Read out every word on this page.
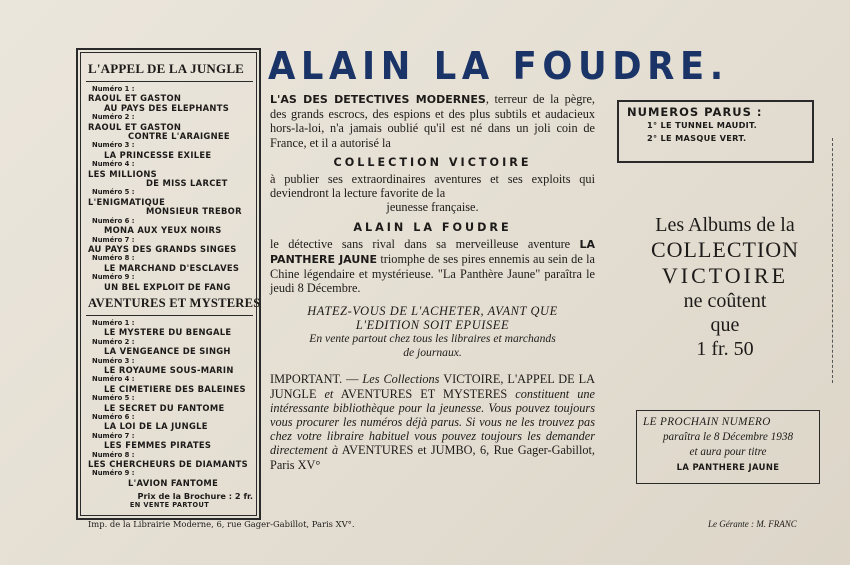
L'APPEL DE LA JUNGLE
Numéro 1 :
RAOUL ET GASTON
AU PAYS DES ELEPHANTS
Numéro 2 :
RAOUL ET GASTON
CONTRE L'ARAIGNEE
Numéro 3 :
LA PRINCESSE EXILEE
Numéro 4 :
LES MILLIONS
DE MISS LARCET
Numéro 5 :
L'ENIGMATIQUE
MONSIEUR TREBOR
Numéro 6 :
MONA AUX YEUX NOIRS
Numéro 7 :
AU PAYS DES GRANDS SINGES
Numéro 8 :
LE MARCHAND D'ESCLAVES
Numéro 9 :
UN BEL EXPLOIT DE FANG
AVENTURES ET MYSTERES
Numéro 1 :
LE MYSTERE DU BENGALE
Numéro 2 :
LA VENGEANCE DE SINGH
Numéro 3 :
LE ROYAUME SOUS-MARIN
Numéro 4 :
LE CIMETIERE DES BALEINES
Numéro 5 :
LE SECRET DU FANTOME
Numéro 6 :
LA LOI DE LA JUNGLE
Numéro 7 :
LES FEMMES PIRATES
Numéro 8 :
LES CHERCHEURS DE DIAMANTS
Numéro 9 :
L'AVION FANTOME
Prix de la Brochure : 2 fr.
EN VENTE PARTOUT
ALAIN LA FOUDRE.

L'AS DES DETECTIVES MODERNES, terreur de la pègre, des grands escrocs, des espions et des plus subtils et audacieux hors-la-loi, n'a jamais oublié qu'il est né dans un joli coin de France, et il a autorisé la

COLLECTION VICTOIRE

à publier ses extraordinaires aventures et ses exploits qui deviendront la lecture favorite de la
jeunesse française.

ALAIN LA FOUDRE

le détective sans rival dans sa merveilleuse aventure LA PANTHERE JAUNE triomphe de ses pires ennemis au sein de la Chine légendaire et mystérieuse. "La Panthère Jaune" paraîtra le jeudi 8 Décembre.

HATEZ-VOUS DE L'ACHETER, AVANT QUE
L'EDITION SOIT EPUISEE
En vente partout chez tous les libraires et marchands
de journaux.

IMPORTANT. — Les Collections VICTOIRE, L'APPEL DE LA JUNGLE et AVENTURES ET MYSTERES constituent une intéressante bibliothèque pour la jeunesse. Vous pouvez toujours vous procurer les numéros déjà parus. Si vous ne les trouvez pas chez votre libraire habituel vous pouvez toujours les demander directement à AVENTURES et JUMBO, 6, Rue Gager-Gabillot, Paris XV°

NUMEROS PARUS :
1° LE TUNNEL MAUDIT.
2° LE MASQUE VERT.
Les Albums de la
COLLECTION
VICTOIRE
ne coûtent
que
1 fr. 50
LE PROCHAIN NUMERO
paraîtra le 8 Décembre 1938
et aura pour titre
LA PANTHERE JAUNE
Imp. de la Librairie Moderne, 6, rue Gager-Gabillot, Paris XV°.	Le Gérante : M. FRANC
